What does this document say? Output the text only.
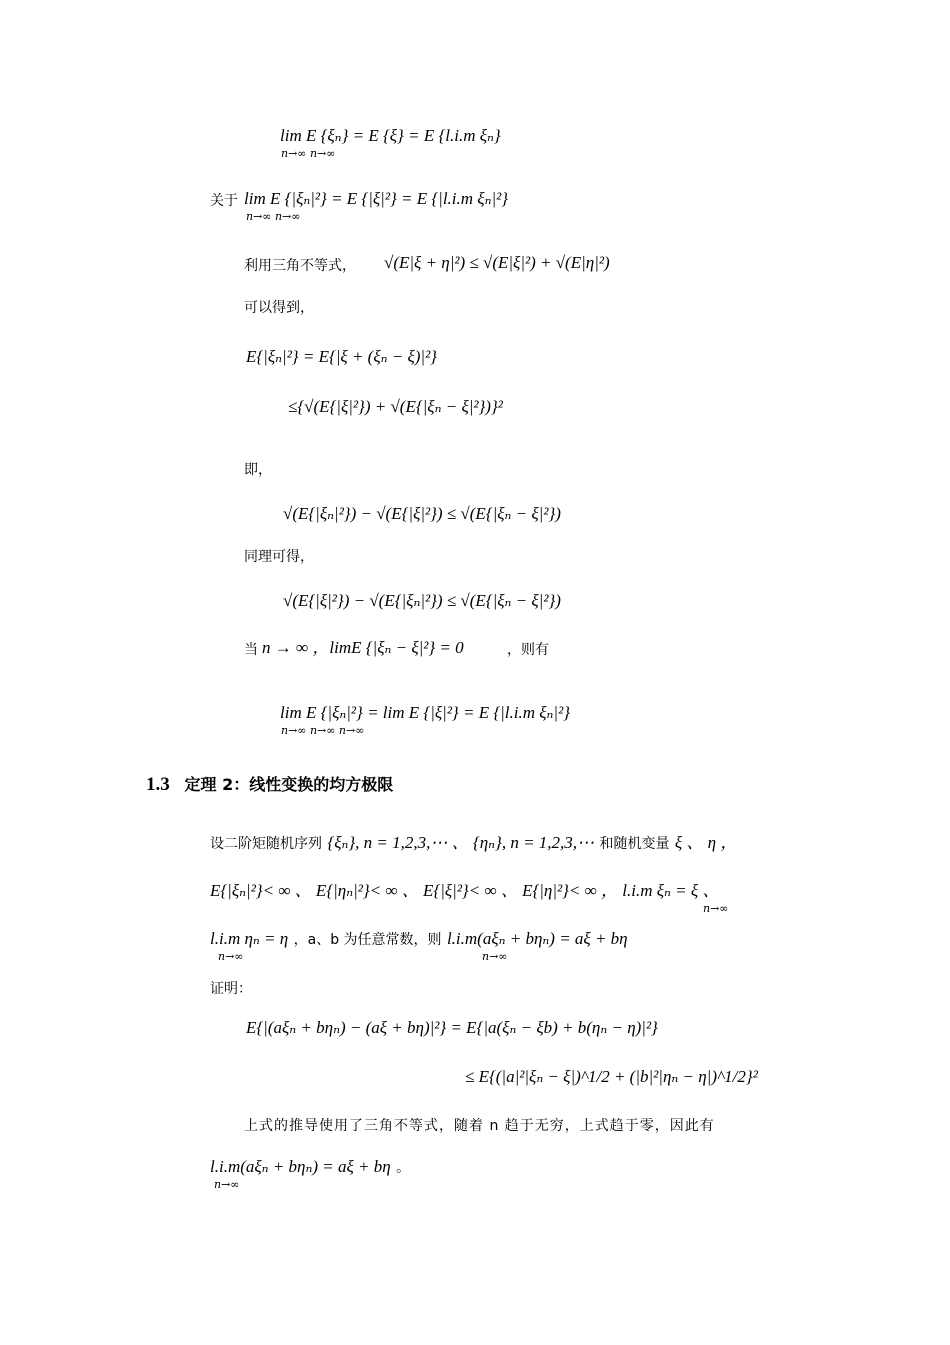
lim E {ξₙ} = E {ξ} = E {l.i.m ξₙ}
n→∞ n→∞
关于 lim E {|ξₙ|²} = E {|ξ|²} = E {|l.i.m ξₙ|²}
n→∞ n→∞
利用三角不等式， √(E|ξ + η|²) ≤ √(E|ξ|²) + √(E|η|²)
可以得到，
E{|ξₙ|²} = E{|ξ + (ξₙ − ξ)|²}
≤{√(E{|ξ|²}) + √(E{|ξₙ − ξ|²})}²
即，
√(E{|ξₙ|²}) − √(E{|ξ|²}) ≤ √(E{|ξₙ − ξ|²})
同理可得，
√(E{|ξ|²}) − √(E{|ξₙ|²}) ≤ √(E{|ξₙ − ξ|²})
当 n → ∞ ，limE {|ξₙ − ξ|²} = 0	，则有
lim E {|ξₙ|²} = lim E {|ξ|²} = E {|l.i.m ξₙ|²}
n→∞ n→∞ n→∞
1.3 定理 2：线性变换的均方极限
设二阶矩随机序列 {ξₙ}, n = 1,2,3,⋯ 、 {ηₙ}, n = 1,2,3,⋯ 和随机变量 ξ 、 η ，
E{|ξₙ|²}< ∞ 、 E{|ηₙ|²}< ∞ 、 E{|ξ|²}< ∞ 、 E{|η|²}< ∞ ， l.i.m ξₙ = ξ 、
n→∞
l.i.m ηₙ = η ，a、b 为任意常数，则 l.i.m(aξₙ + bηₙ) = aξ + bη
n→∞	n→∞
证明：
E{|(aξₙ + bηₙ) − (aξ + bη)|²} = E{|a(ξₙ − ξb) + b(ηₙ − η)|²}
≤ E{(|a|²|ξₙ − ξ|)^1/2 + (|b|²|ηₙ − η|)^1/2}²
上式的推导使用了三角不等式，随着 n 趋于无穷，上式趋于零，因此有
l.i.m(aξₙ + bηₙ) = aξ + bη 。
n→∞
